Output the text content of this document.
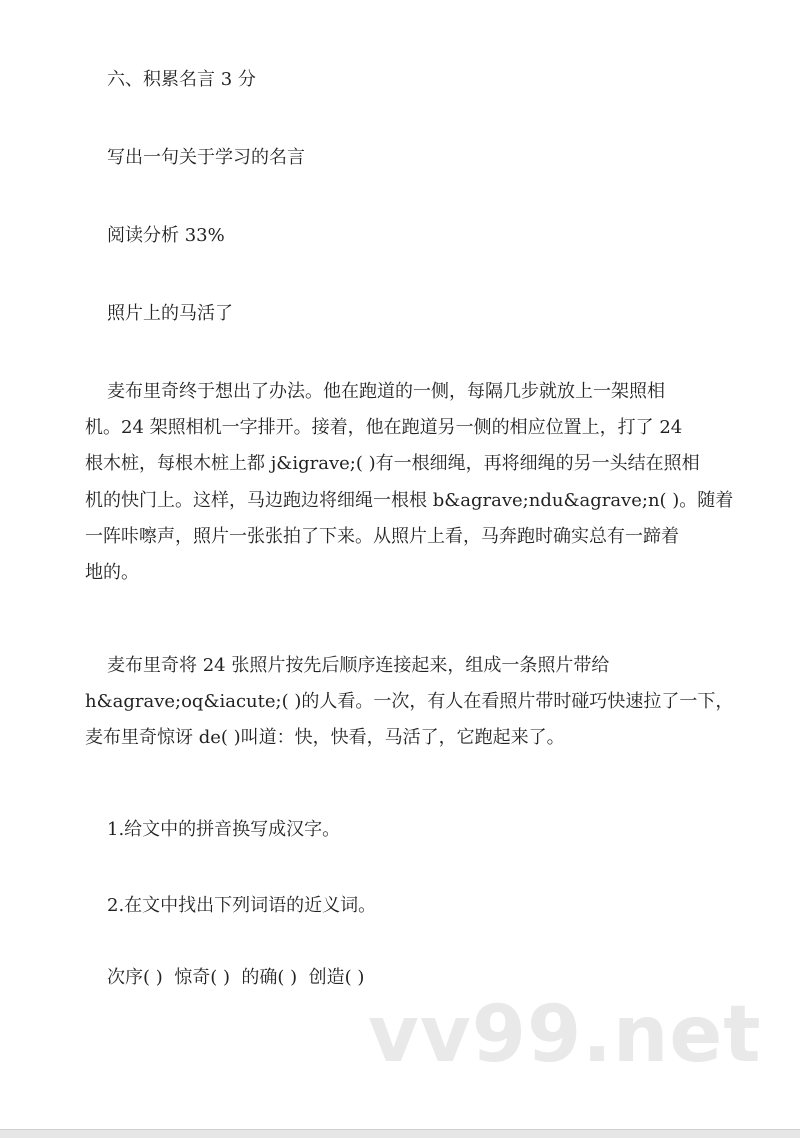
六、积累名言 3 分
写出一句关于学习的名言
阅读分析 33%
照片上的马活了
麦布里奇终于想出了办法。他在跑道的一侧，每隔几步就放上一架照相
机。24 架照相机一字排开。接着，他在跑道另一侧的相应位置上，打了 24
根木桩，每根木桩上都 j&igrave;( )有一根细绳，再将细绳的另一头结在照相
机的快门上。这样，马边跑边将细绳一根根 b&agrave;ndu&agrave;n( )。随着
一阵咔嚓声，照片一张张拍了下来。从照片上看，马奔跑时确实总有一蹄着
地的。
麦布里奇将 24 张照片按先后顺序连接起来，组成一条照片带给
h&agrave;oq&iacute;( )的人看。一次，有人在看照片带时碰巧快速拉了一下，
麦布里奇惊讶 de( )叫道：快，快看，马活了，它跑起来了。
1.给文中的拼音换写成汉字。
2.在文中找出下列词语的近义词。
次序( )  惊奇( )  的确( )  创造( )
vv99.net
